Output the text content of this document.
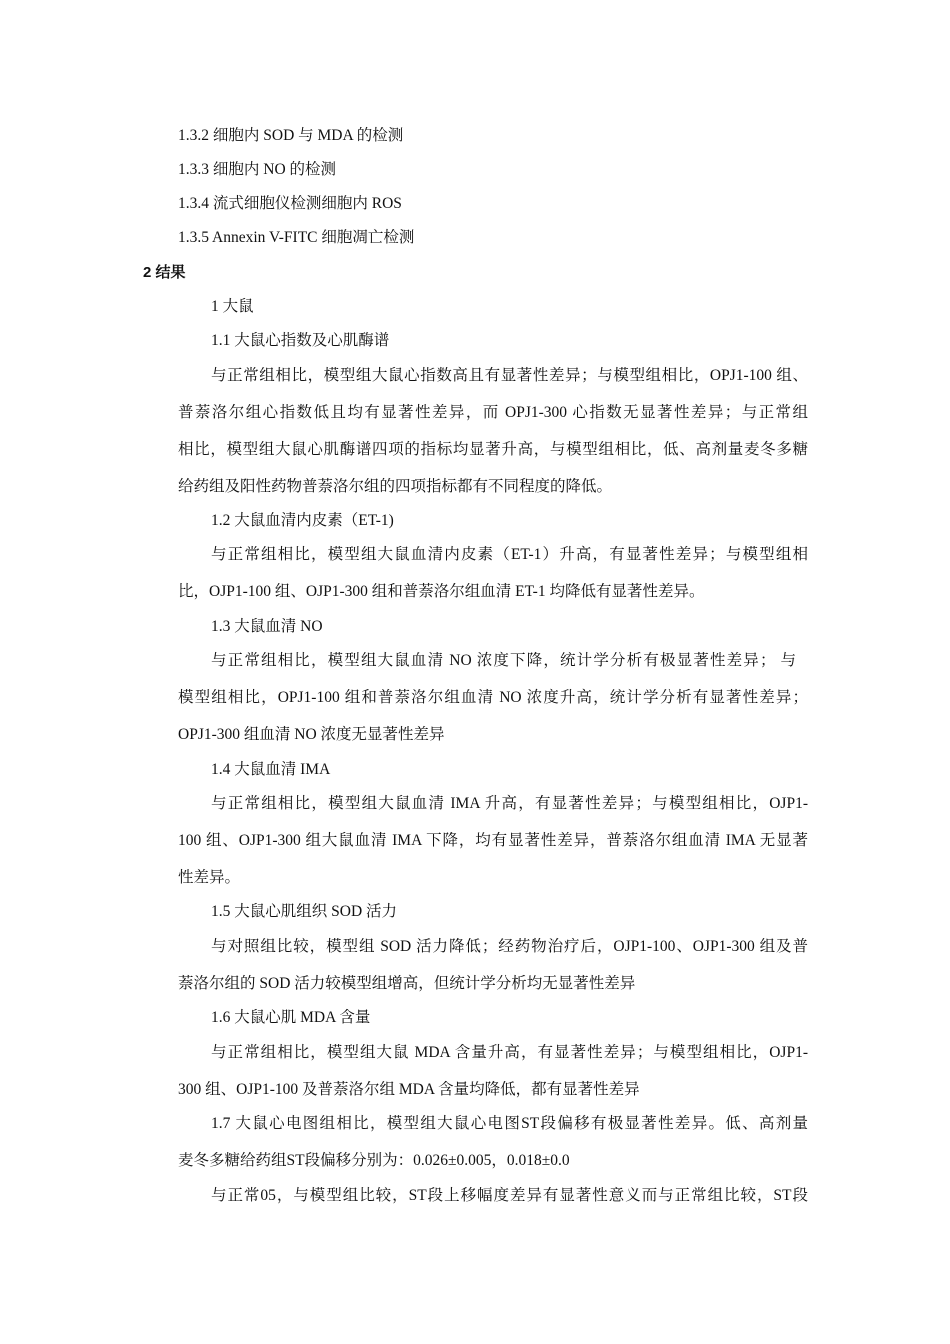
1.3.2 细胞内 SOD 与 MDA 的检测
1.3.3 细胞内 NO 的检测
1.3.4 流式细胞仪检测细胞内 ROS
1.3.5 Annexin V-FITC 细胞凋亡检测
2 结果
1 大鼠
1.1 大鼠心指数及心肌酶谱
与正常组相比，模型组大鼠心指数高且有显著性差异；与模型组相比，OPJ1-100 组、
普萘洛尔组心指数低且均有显著性差异，而 OPJ1-300 心指数无显著性差异；与正常组
相比，模型组大鼠心肌酶谱四项的指标均显著升高，与模型组相比，低、高剂量麦冬多糖
给药组及阳性药物普萘洛尔组的四项指标都有不同程度的降低。
1.2 大鼠血清内皮素（ET-1)
与正常组相比，模型组大鼠血清内皮素（ET-1）升高，有显著性差异；与模型组相
比，OJP1-100 组、OJP1-300 组和普萘洛尔组血清 ET-1 均降低有显著性差异。
1.3 大鼠血清 NO
与正常组相比，模型组大鼠血清 NO 浓度下降，统计学分析有极显著性差异； 与
模型组相比，OPJ1-100 组和普萘洛尔组血清 NO 浓度升高，统计学分析有显著性差异；
OPJ1-300 组血清 NO 浓度无显著性差异
1.4 大鼠血清 IMA
与正常组相比，模型组大鼠血清 IMA 升高，有显著性差异；与模型组相比，OJP1-
100 组、OJP1-300 组大鼠血清 IMA 下降，均有显著性差异，普萘洛尔组血清 IMA 无显著
性差异。
1.5 大鼠心肌组织 SOD 活力
与对照组比较，模型组 SOD 活力降低；经药物治疗后，OJP1-100、OJP1-300 组及普
萘洛尔组的 SOD 活力较模型组增高，但统计学分析均无显著性差异
1.6 大鼠心肌 MDA 含量
与正常组相比，模型组大鼠 MDA 含量升高，有显著性差异；与模型组相比，OJP1-
300 组、OJP1-100 及普萘洛尔组 MDA 含量均降低，都有显著性差异
1.7 大鼠心电图组相比，模型组大鼠心电图ST段偏移有极显著性差异。低、高剂量
麦冬多糖给药组ST段偏移分别为：0.026±0.005，0.018±0.0
与正常05，与模型组比较，ST段上移幅度差异有显著性意义而与正常组比较，ST段
